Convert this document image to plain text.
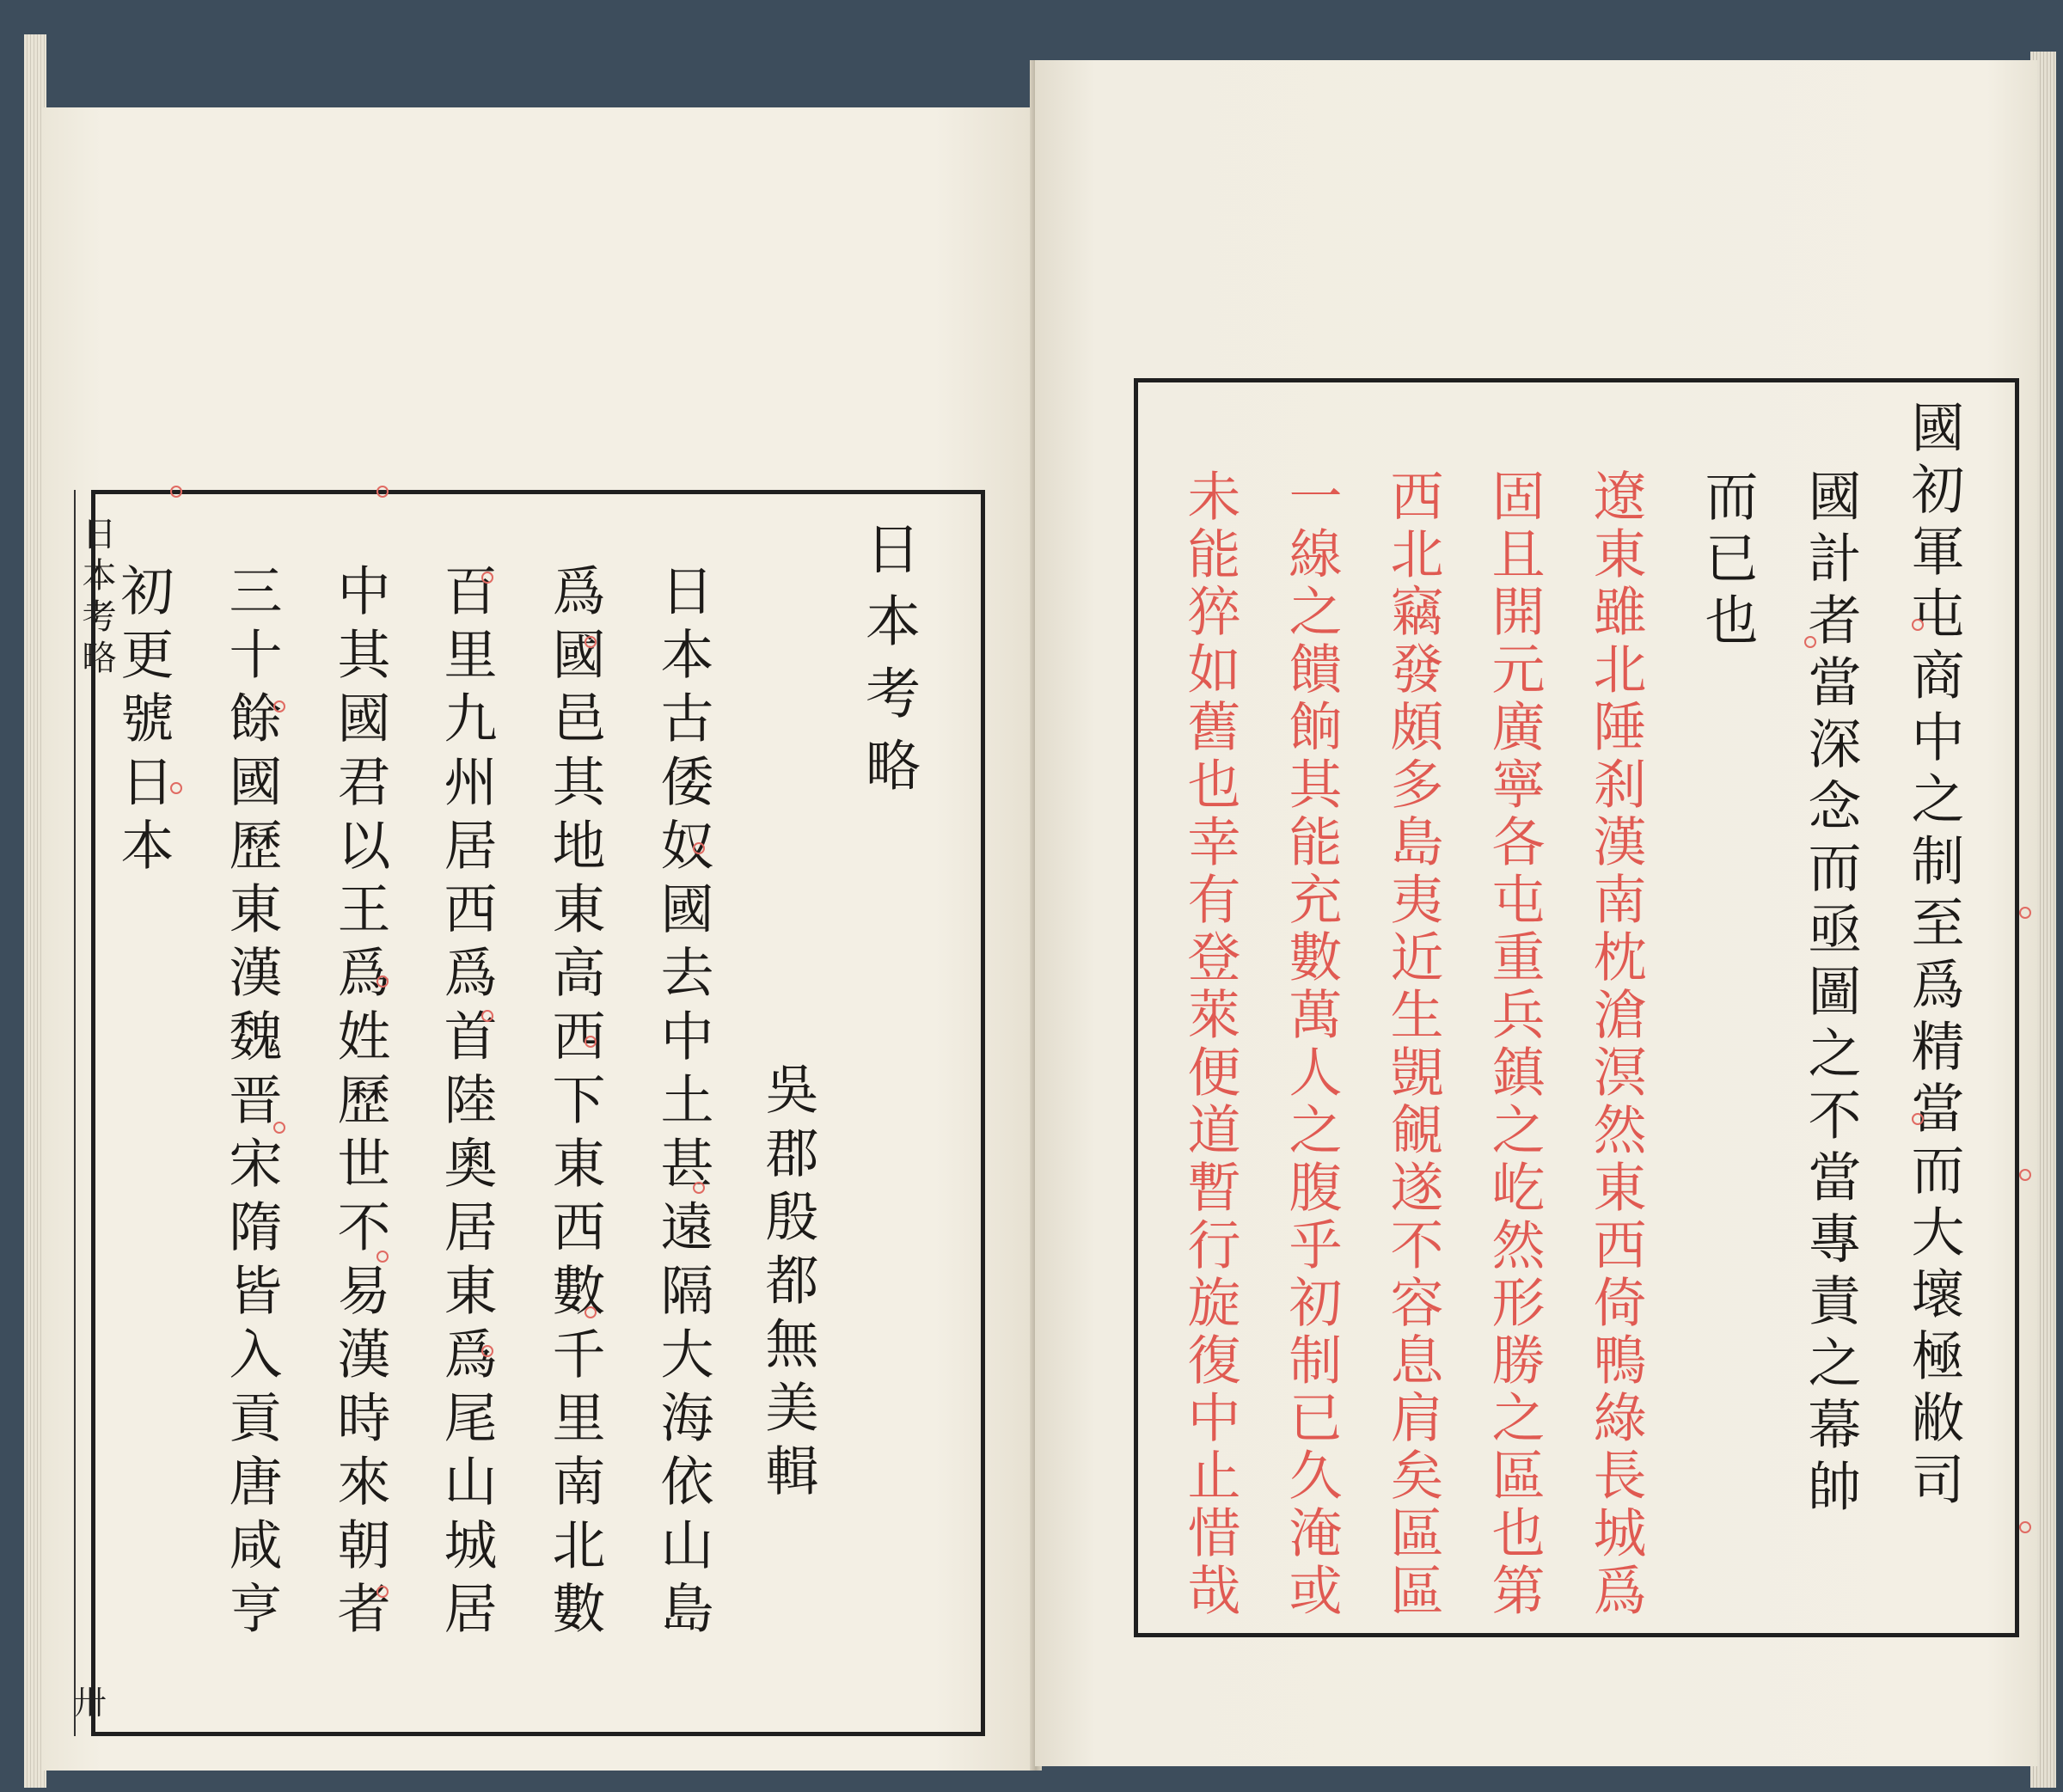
日本考略
卅
日本考略
吳郡殷都無美輯
日本古倭奴國去中土甚遠隔大海依山島
爲國邑其地東高西下東西數千里南北數
百里九州居西爲首陸奧居東爲尾山城居
中其國君以王爲姓歷世不易漢時來朝者
三十餘國歷東漢魏晋宋隋皆入貢唐咸亨
初更號日本	國初軍屯商中之制至爲精當而大壞極敝司
國計者當深念而亟圖之不當專責之幕帥
而已也
遼東雖北陲刹漢南枕滄溟然東西倚鴨綠長城爲
固且開元廣寧各屯重兵鎮之屹然形勝之區也第
西北竊發頗多島夷近生覬覦遂不容息肩矣區區
一線之饋餉其能充數萬人之腹乎初制已久淹或
未能猝如舊也幸有登萊便道暫行旋復中止惜哉
